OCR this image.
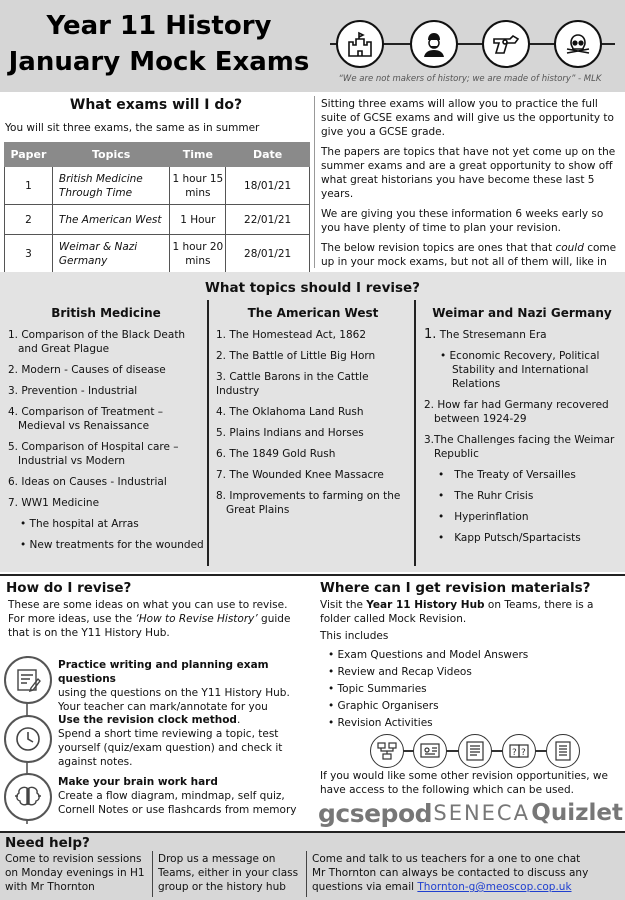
Year 11 History
January Mock Exams
“We are not makers of history; we are made of history” - MLK
What exams will I do?
You will sit three exams, the same as in summer
Paper	Topics	Time	Date
1	British Medicine Through Time	1 hour 15 mins	18/01/21
2	The American West	1 Hour	22/01/21
3	Weimar & Nazi Germany	1 hour 20 mins	28/01/21

Sitting three exams will allow you to practice the full suite of GCSE exams and will give us the opportunity to give you a GCSE grade.

The papers are topics that have not yet come up on the summer exams and are a great opportunity to show off what great historians you have become these last 5 years.

We are giving you these information 6 weeks early so you have plenty of time to plan your revision.

The below revision topics are ones that that could come up in your mock exams, but not all of them will, like in

What topics should I revise?
British Medicine
1. Comparison of the Black Death and Great Plague
2. Modern - Causes of disease
3. Prevention - Industrial
4. Comparison of Treatment – Medieval vs Renaissance
5. Comparison of Hospital care – Industrial vs Modern
6. Ideas on Causes - Industrial
7. WW1 Medicine
• The hospital at Arras
• New treatments for the wounded
The American West
1. The Homestead Act, 1862
2. The Battle of Little Big Horn
3. Cattle Barons in the Cattle Industry
4. The Oklahoma Land Rush
5. Plains Indians and Horses
6. The 1849 Gold Rush
7. The Wounded Knee Massacre
8. Improvements to farming on the Great Plains
Weimar and Nazi Germany
1. The Stresemann Era
• Economic Recovery, Political Stability and International Relations
2. How far had Germany recovered between 1924-29
3.The Challenges facing the Weimar Republic
•   The Treaty of Versailles
•   The Ruhr Crisis
•   Hyperinflation
•   Kapp Putsch/Spartacists
How do I revise?
These are some ideas on what you can use to revise.
For more ideas, use the ‘How to Revise History’ guide that is on the Y11 History Hub.
Practice writing and planning exam questions
using the questions on the Y11 History Hub. Your teacher can mark/annotate for you
Use the revision clock method.
Spend a short time reviewing a topic, test yourself (quiz/exam question) and check it against notes.
Make your brain work hard
Create a flow diagram, mindmap, self quiz, Cornell Notes or use flashcards from memory
Where can I get revision materials?
Visit the Year 11 History Hub on Teams, there is a folder called Mock Revision.
This includes
• Exam Questions and Model Answers
• Review and Recap Videos
• Topic Summaries
• Graphic Organisers
• Revision Activities
? ?
If you would like some other revision opportunities, we have access to the following which can be used.
gcsepod SENECA Quizlet
Need help?
Come to revision sessions on Monday evenings in H1 with Mr Thornton
Drop us a message on Teams, either in your class group or the history hub
Come and talk to us teachers for a one to one chat
Mr Thornton can always be contacted to discuss any questions via email Thornton-g@meoscop.cop.uk
